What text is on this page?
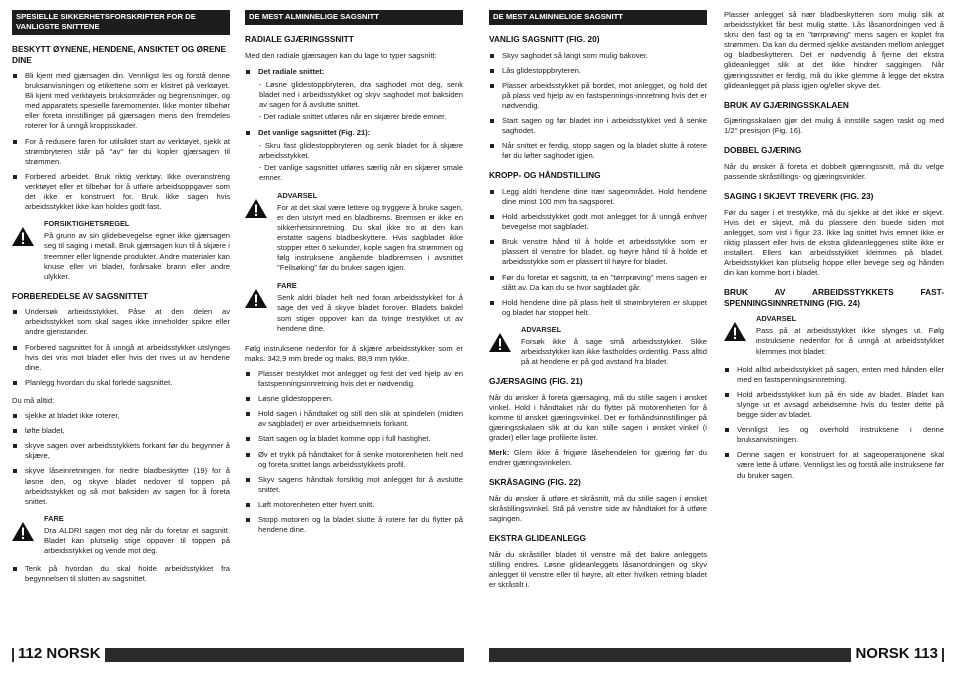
SPESIELLE SIKKERHETSFORSKRIFTER FOR DE VANLIGSTE SNITTENE
BESKYTT ØYNENE, HENDENE, ANSIKTET OG ØRENE DINE
Bli kjent med gjærsagen din. Vennligst les og forstå denne bruksanvisningen og etikettene som er klistret på verktøyet. Bli kjent med verktøyets bruksområder og begrensninger, og med apparatets spesielle faremomenter. Ikke monter tilbehør eller foreta innstillinger på gjærsagen mens den fremdeles roterer for å unngå kroppsskader.
For å redusere faren for utilsiktet start av verktøyet, sjekk at strømbryteren står på "av" før du kopler gjærsagen til strømmen.
Forbered arbeidet. Bruk riktig verktøy. Ikke overanstreng verktøyet eller et tilbehør for å utføre arbeidsoppgaver som det ikke er konstruert for. Bruk ikke sagen hvis arbeidsstykket ikke kan holdes godt fast.
FORSIKTIGHETSREGEL

På grunn av sin glidebevegelse egner ikke gjærsagen seg til saging i metall. Bruk gjærsagen kun til å skjære i treemner eller lignende produkter. Andre materialer kan knuse eller vri bladet, forårsake brann eller andre ulykker.

FORBEREDELSE AV SAGSNITTET
Undersøk arbeidsstykket. Påse at den delen av arbeidsstykket som skal sages ikke inneholder spikre eller andre gjenstander.
Forbered sagsnittet for å unngå at arbeidsstykket utslynges hvis det vris mot bladet eller hvis det rives ut av hendene dine.
Planlegg hvordan du skal forlede sagsnittet.

Du må alltid:

sjekke at bladet ikke roterer,
løfte bladet,
skyve sagen over arbeidsstykkets forkant før du begynner å skjære,
skyve låseinretningen for nedre bladbeskytter (19) for å løsne den, og skyve bladet nedover til toppen på arbeidsstykket og så mot baksiden av sagen for å foreta snittet.
FARE

Dra ALDRI sagen mot deg når du foretar et sagsnitt. Bladet kan plutselig stige oppover til toppen på arbeidsstykket og vende mot deg.

Tenk på hvordan du skal holde arbeidsstykket fra begynnelsen til slutten av sagsnittet.
DE MEST ALMINNELIGE SAGSNITT
RADIALE GJÆRINGSSNITT

Med den radiale gjærsagen kan du lage to typer sagsnitt:

Det radiale snittet:

- Løsne glidestoppbryteren, dra saghodet mot deg, senk bladet ned i arbeidsstykket og skyv saghodet mot baksiden av sagen for å avslutte snittet.

- Det radiale snittet utføres når en skjærer brede emner.

Det vanlige sagsnittet (Fig. 21):

- Skru fast glidestoppbryteren og senk bladet for å skjære arbeidsstykket.

- Det vanlige sagsnittet utføres særlig når en skjærer smale emner.

ADVARSEL

For at det skal være lettere og tryggere å bruke sagen, er den utstyrt med en bladbrems. Bremsen er ikke en sikkerhetsinnretning. Du skal ikke tro at den kan erstatte sagens bladbeskyttere. Hvis sagbladet ikke stopper etter 6 sekunder, kople sagen fra strømmen og følg instruksene angående bladbremsen i avsnittet "Feilsøking" før du bruker sagen igjen.

FARE

Senk aldri bladet helt ned foran arbeidsstykket for å sage det ved å skyve bladet forover. Bladets bakdel som stiger oppover kan da tvinge trestykket ut av hendene dine.

Følg instruksene nedenfor for å skjære arbeidsstykker som er maks. 342,9 mm brede og maks. 88,9 mm tykke.

Plasser trestykket mot anlegget og fest det ved hjelp av en fastspenningsinnretning hvis det er nødvendig.
Løsne glidestopperen.
Hold sagen i håndtaket og still den slik at spindelen (midten av sagbladet) er over arbeidsemnets forkant.
Start sagen og la bladet komme opp i full hastighet.
Øv et trykk på håndtaket for å senke motorenheten helt ned og foreta snittet langs arbeidsstykkets profil.
Skyv sagens håndtak forsiktig mot anlegget for å avslutte snittet.
Løft motorenheten etter hvert snitt.
Stopp motoren og la bladet slutte å rotere før du flytter på hendene dine.
DE MEST ALMINNELIGE SAGSNITT
VANLIG SAGSNITT (FIG. 20)
Skyv saghodet så langt som mulig bakover.
Lås glidestoppbryteren.
Plasser arbeidsstykket på bordet, mot anlegget, og hold det på plass ved hjelp av en fastspennings-innretning hvis det er nødvendig.
Start sagen og før bladet inn i arbeidsstykket ved å senke saghodet.
Når snittet er ferdig, stopp sagen og la bladet slutte å rotere før du løfter saghodet igjen.
KROPP- OG HÅNDSTILLING
Legg aldri hendene dine nær sageområdet. Hold hendene dine minst 100 mm fra sagsporet.
Hold arbeidsstykket godt mot anlegget for å unngå enhver bevegelse mot sagbladet.
Bruk venstre hånd til å holde et arbeidsstykke som er plassert til venstre for bladet, og høyre hånd til å holde et arbeidsstykke som er plassert til høyre for bladet.
Før du foretar et sagsnitt, ta en "tørrprøving" mens sagen er slått av. Da kan du se hvor sagbladet går.
Hold hendene dine på plass helt til strømbryteren er sluppet og bladet har stoppet helt.
ADVARSEL

Forsøk ikke å sage små arbeidsstykker. Slike arbeidsstykker kan ikke fastholdes ordentlig. Pass alltid på at hendene er på god avstand fra bladet.

GJÆRSAGING (FIG. 21)

Når du ønsker å foreta gjærsaging, må du stille sagen i ønsket vinkel. Hold i håndtaket når du flytter på motorenheten for å komme til ønsket gjæringsvinkel. Det er forhåndsinnstillinger på gjæringsskalaen slik at du kan stille sagen i ønsket vinkel (i grader) eller lage profilerte lister.

Merk: Glem ikke å frigjøre låsehendelen for gjæring før du endrer gjæringsvinkelen.

SKRÅSAGING (FIG. 22)

Når du ønsker å utføre et skråsnitt, må du stille sagen i ønsket skråstillingsvinkel. Stå på venstre side av håndtaket for å utføre sagingen.

EKSTRA GLIDEANLEGG

Når du skråstiller bladet til venstre må det bakre anleggets stilling endres. Løsne glideanleggets låsanordningen og skyv anlegget til venstre eller til høyre, alt etter hvilken retning bladet er skråstilt i.

Plasser anlegget så nær bladbeskytteren som mulig slik at arbeidsstykket får best mulig støtte. Lås låsanordningen ved å skru den fast og ta en "tørrprøving" mens sagen er koplet fra strømmen. Da kan du dermed sjekke avstanden mellom anlegget og bladbeskytteren. Det er nødvendig å fjerne det ekstra glideanlegget slik at det ikke hindrer saggingen. Når gjæringssnittet er ferdig, må du ikke glemme å legge det ekstra glideanlegget på plass igjen og/eller skyve det.

BRUK AV GJÆRINGSSKALAEN

Gjæringsskalaen gjør det mulig å innstille sagen raskt og med 1/2° presisjon (Fig. 16).

DOBBEL GJÆRING

Når du ønsker å foreta et dobbelt gjæringssnitt, må du velge passende skråstillings- og gjæringsvinkler.

SAGING I SKJEVT TREVERK (FIG. 23)

Før du sager i et trestykke, må du sjekke at det ikke er skjevt. Hvis det er skjevt, må du plassere den buede siden mot anlegget, som vist i figur 23. Ikke lag snittet hvis emnet ikke er riktig plassert eller hvis de ekstra glideanleggenes stilte ikke er installert. Ellers kan arbeidsstykket klemmes på bladet. Arbeidsstykket kan plutselig hoppe eller bevege seg og hånden din kan komme bort i bladet.

BRUK AV ARBEIDSSTYKKETS FAST-SPENNINGSINNRETNING (FIG. 24)
ADVARSEL

Pass på at arbeidsstykket ikke slynges ut. Følg instruksene nedenfor for å unngå at arbeidsstykket klemmes mot bladet:

Hold alltid arbeidsstykket på sagen, enten med hånden eller med en fastspenningsinnretning.
Hold arbeidsstykket kun på én side av bladet. Bladet kan slynge ut et avsagd arbeidsemne hvis du fester dette på begge sider av bladet.
Vennligst les og overhold instruksene i denne bruksanvisningen.
Denne sagen er konstruert for at sageoperasjonene skal være lette å utføre. Vennligst les og forstå alle instruksene før du bruker sagen.
112 NORSK	NORSK 113
